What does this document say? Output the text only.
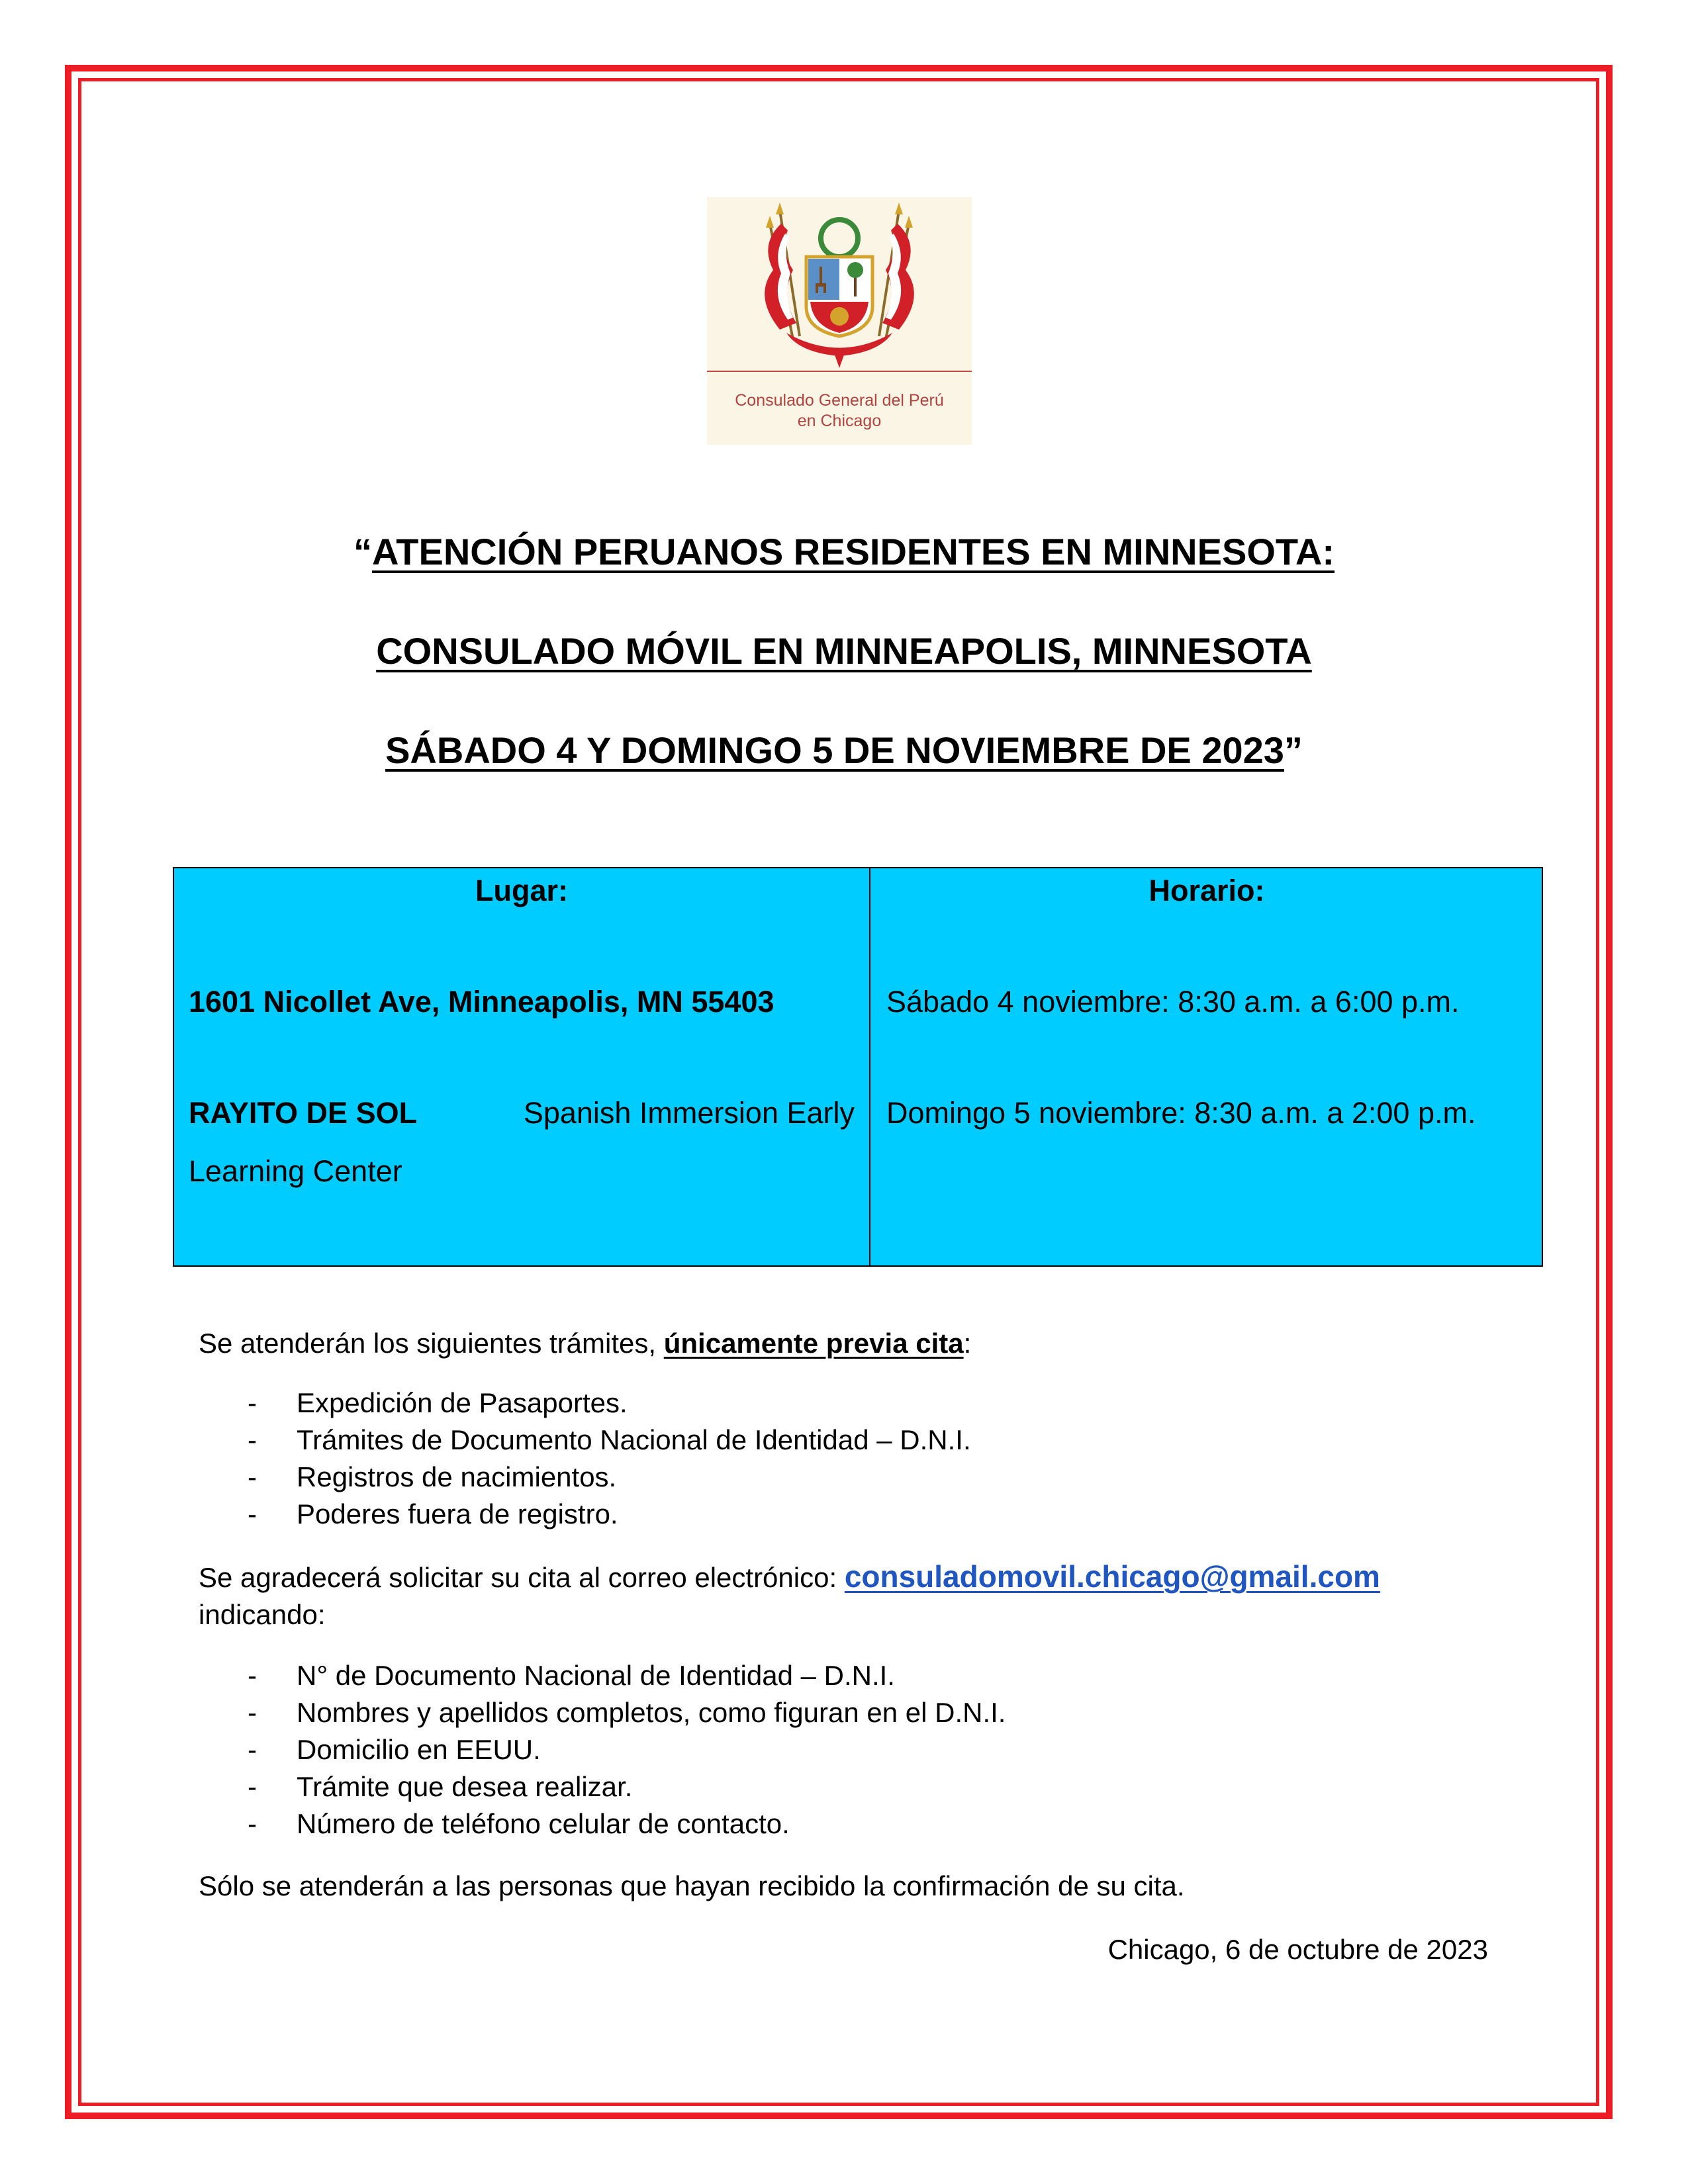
Consulado General del Perú
en Chicago
“ATENCIÓN PERUANOS RESIDENTES EN MINNESOTA:
CONSULADO MÓVIL EN MINNEAPOLIS, MINNESOTA
SÁBADO 4 Y DOMINGO 5 DE NOVIEMBRE DE 2023”
Lugar:	Horario:
1601 Nicollet Ave, Minneapolis, MN 55403
RAYITO DE SOL	Spanish Immersion Early
Learning Center
Sábado 4 noviembre: 8:30 a.m. a 6:00 p.m.
Domingo 5 noviembre: 8:30 a.m. a 2:00 p.m.
Se atenderán los siguientes trámites, únicamente previa cita:
- Expedición de Pasaportes.
- Trámites de Documento Nacional de Identidad – D.N.I.
- Registros de nacimientos.
- Poderes fuera de registro.
Se agradecerá solicitar su cita al correo electrónico: consuladomovil.chicago@gmail.com
indicando:
- N° de Documento Nacional de Identidad – D.N.I.
- Nombres y apellidos completos, como figuran en el D.N.I.
- Domicilio en EEUU.
- Trámite que desea realizar.
- Número de teléfono celular de contacto.
Sólo se atenderán a las personas que hayan recibido la confirmación de su cita.
Chicago, 6 de octubre de 2023
